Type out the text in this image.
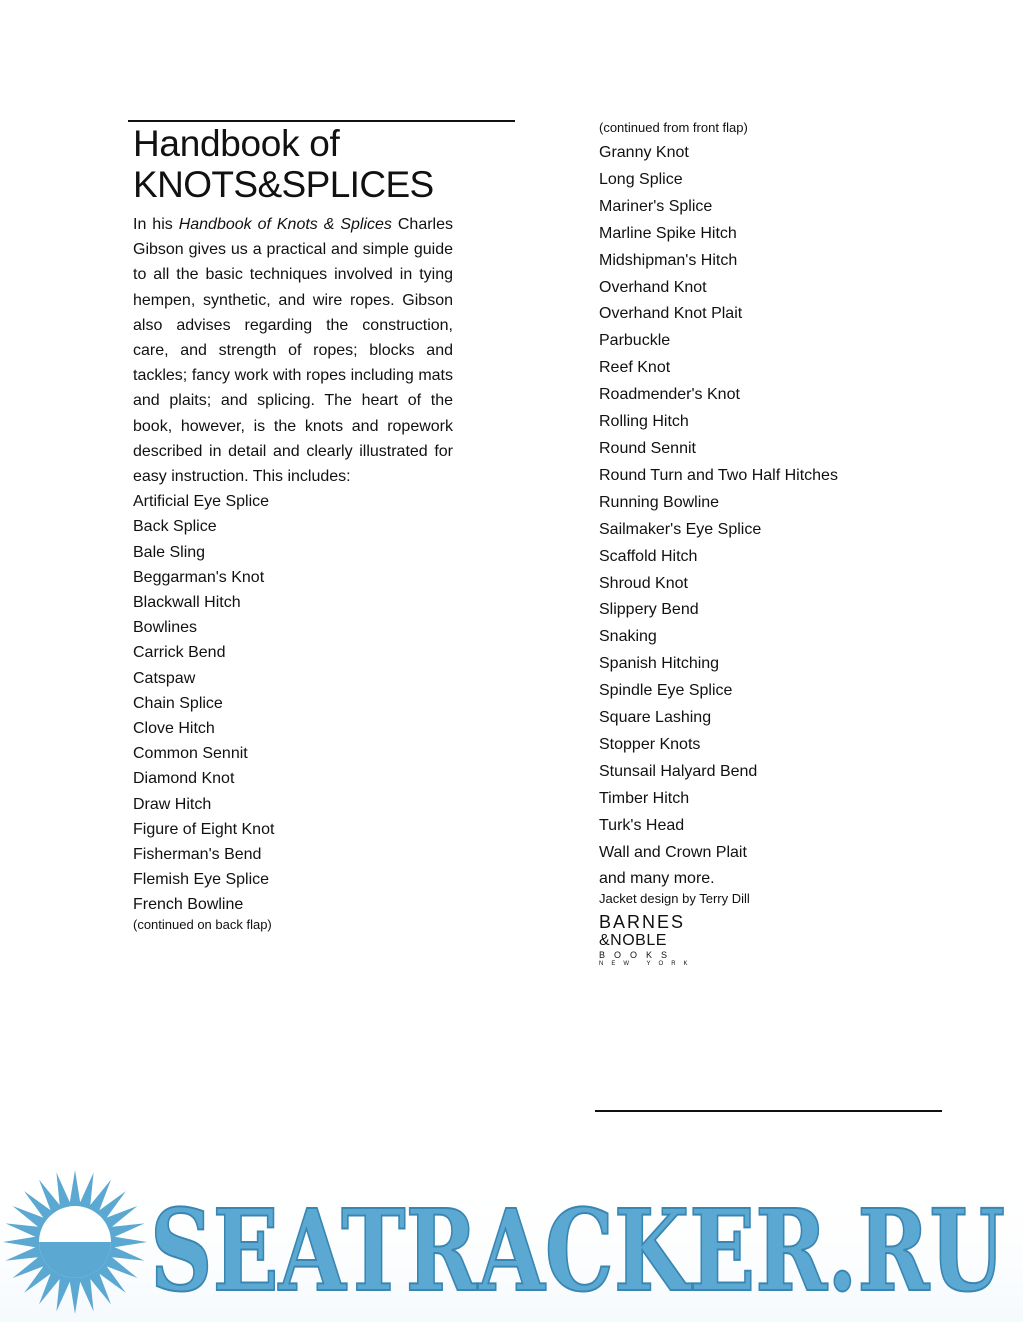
Handbook of
KNOTS&SPLICES

In his Handbook of Knots & Splices Charles Gibson gives us a practical and simple guide to all the basic techniques involved in tying hempen, synthetic, and wire ropes. Gibson also advises regarding the construction, care, and strength of ropes; blocks and tackles; fancy work with ropes including mats and plaits; and splicing. The heart of the book, however, is the knots and ropework described in detail and clearly illustrated for easy instruction. This includes:

Artificial Eye Splice
Back Splice
Bale Sling
Beggarman's Knot
Blackwall Hitch
Bowlines
Carrick Bend
Catspaw
Chain Splice
Clove Hitch
Common Sennit
Diamond Knot
Draw Hitch
Figure of Eight Knot
Fisherman's Bend
Flemish Eye Splice
French Bowline

(continued on back flap)

(continued from front flap)

Granny Knot
Long Splice
Mariner's Splice
Marline Spike Hitch
Midshipman's Hitch
Overhand Knot
Overhand Knot Plait
Parbuckle
Reef Knot
Roadmender's Knot
Rolling Hitch
Round Sennit
Round Turn and Two Half Hitches
Running Bowline
Sailmaker's Eye Splice
Scaffold Hitch
Shroud Knot
Slippery Bend
Snaking
Spanish Hitching
Spindle Eye Splice
Square Lashing
Stopper Knots
Stunsail Halyard Bend
Timber Hitch
Turk's Head
Wall and Crown Plait

and many more.

Jacket design by Terry Dill

BARNES
&NOBLE
BOOKS
NEW YORK
SEATRACKER.RU
